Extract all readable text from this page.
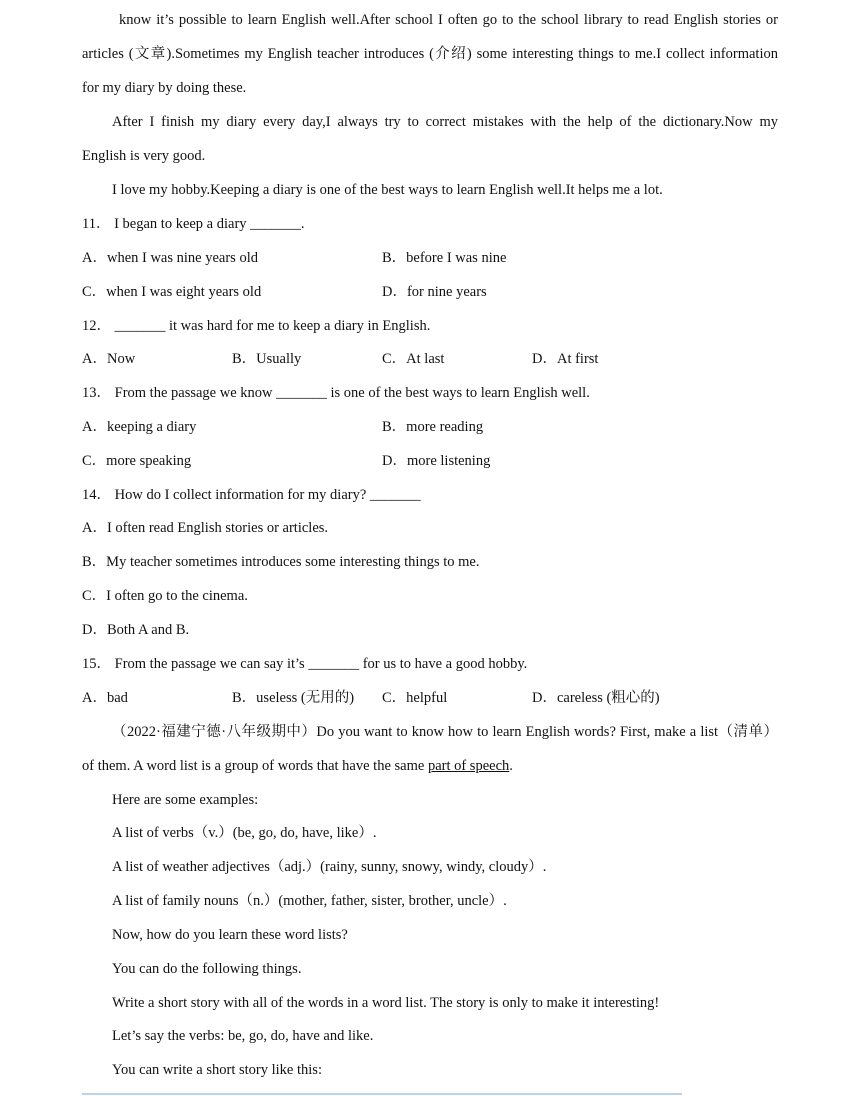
know it’s possible to learn English well.After school I often go to the school library to read English stories or
articles (文章).Sometimes my English teacher introduces (介绍) some interesting things to me.I collect information
for my diary by doing these.
After I finish my diary every day,I always try to correct mistakes with the help of the dictionary.Now my
English is very good.
I love my hobby.Keeping a diary is one of the best ways to learn English well.It helps me a lot.
11． I began to keep a diary _______.
A．when I was nine years old	B．before I was nine
C．when I was eight years old	D．for nine years
12． _______ it was hard for me to keep a diary in English.
A．Now	B．Usually	C．At last	D．At first
13． From the passage we know _______ is one of the best ways to learn English well.
A．keeping a diary	B．more reading
C．more speaking	D．more listening
14． How do I collect information for my diary? _______
A．I often read English stories or articles.
B．My teacher sometimes introduces some interesting things to me.
C．I often go to the cinema.
D．Both A and B.
15． From the passage we can say it’s _______ for us to have a good hobby.
A．bad	B．useless (无用的) C．helpful	D．careless (粗心的)
（2022·福建宁德·八年级期中）Do you want to know how to learn English words? First, make a list（清单）
of them. A word list is a group of words that have the same part of speech.
Here are some examples:
A list of verbs（v.）(be, go, do, have, like）.
A list of weather adjectives（adj.）(rainy, sunny, snowy, windy, cloudy）.
A list of family nouns（n.）(mother, father, sister, brother, uncle）.
Now, how do you learn these word lists?
You can do the following things.
Write a short story with all of the words in a word list. The story is only to make it interesting!
Let’s say the verbs: be, go, do, have and like.
You can write a short story like this:
